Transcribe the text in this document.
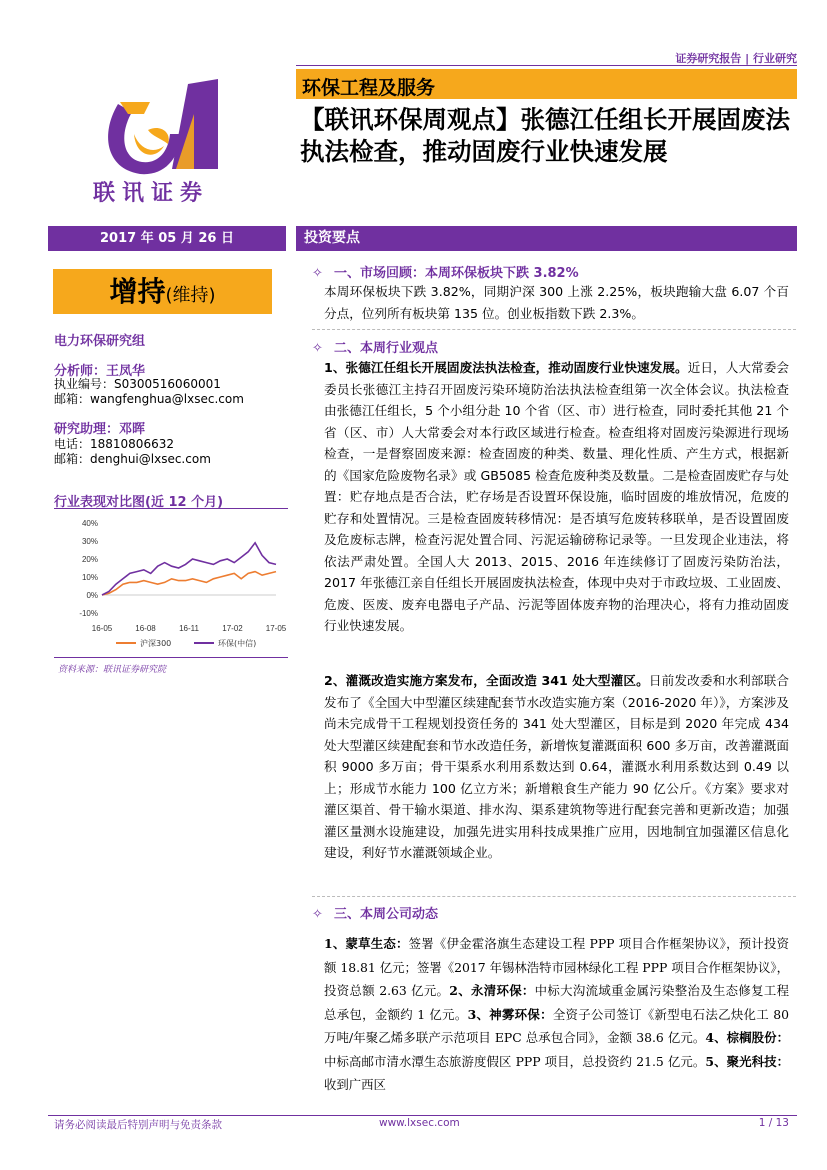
证券研究报告 | 行业研究
环保工程及服务
【联讯环保周观点】张德江任组长开展固废法执法检查，推动固废行业快速发展
联讯证券
2017 年 05 月 26 日	投资要点
增持(维持)
电力环保研究组
分析师：王凤华
执业编号：S0300516060001
邮箱：wangfenghua@lxsec.com
研究助理：邓晖
电话：18810806632
邮箱：denghui@lxsec.com
行业表现对比图(近 12 个月)
40%
30%
20%
10%
0%
-10%
16-05	16-08	16-11	17-02	17-05
沪深300	环保(中信)
资料来源：联讯证券研究院
✧ 一、市场回顾：本周环保板块下跌 3.82%
本周环保板块下跌 3.82%，同期沪深 300 上涨 2.25%，板块跑输大盘 6.07 个百分点，位列所有板块第 135 位。创业板指数下跌 2.3%。
✧ 二、本周行业观点
1、张德江任组长开展固废法执法检查，推动固废行业快速发展。近日，人大常委会委员长张德江主持召开固废污染环境防治法执法检查组第一次全体会议。执法检查由张德江任组长，5 个小组分赴 10 个省（区、市）进行检查，同时委托其他 21 个省（区、市）人大常委会对本行政区域进行检查。检查组将对固废污染源进行现场检查，一是督察固废来源：检查固废的种类、数量、理化性质、产生方式，根据新的《国家危险废物名录》或 GB5085 检查危废种类及数量。二是检查固废贮存与处置：贮存地点是否合法，贮存场是否设置环保设施，临时固废的堆放情况，危废的贮存和处置情况。三是检查固废转移情况：是否填写危废转移联单，是否设置固废及危废标志牌，检查污泥处置合同、污泥运输磅称记录等。一旦发现企业违法，将依法严肃处置。全国人大 2013、2015、2016 年连续修订了固废污染防治法，2017 年张德江亲自任组长开展固废执法检查，体现中央对于市政垃圾、工业固废、危废、医废、废弃电器电子产品、污泥等固体废弃物的治理决心，将有力推动固废行业快速发展。
2、灌溉改造实施方案发布，全面改造 341 处大型灌区。日前发改委和水利部联合发布了《全国大中型灌区续建配套节水改造实施方案（2016-2020 年）》，方案涉及尚未完成骨干工程规划投资任务的 341 处大型灌区，目标是到 2020 年完成 434 处大型灌区续建配套和节水改造任务，新增恢复灌溉面积 600 多万亩，改善灌溉面积 9000 多万亩；骨干渠系水利用系数达到 0.64，灌溉水利用系数达到 0.49 以上；形成节水能力 100 亿立方米；新增粮食生产能力 90 亿公斤。《方案》要求对灌区渠首、骨干输水渠道、排水沟、渠系建筑物等进行配套完善和更新改造；加强灌区量测水设施建设，加强先进实用科技成果推广应用，因地制宜加强灌区信息化建设，利好节水灌溉领域企业。
✧ 三、本周公司动态
1、蒙草生态：签署《伊金霍洛旗生态建设工程 PPP 项目合作框架协议》，预计投资额 18.81 亿元；签署《2017 年锡林浩特市园林绿化工程 PPP 项目合作框架协议》，投资总额 2.63 亿元。2、永清环保：中标大沟流域重金属污染整治及生态修复工程总承包，金额约 1 亿元。3、神雾环保：全资子公司签订《新型电石法乙炔化工 80 万吨/年聚乙烯多联产示范项目 EPC 总承包合同》，金额 38.6 亿元。4、棕榈股份：中标高邮市清水潭生态旅游度假区 PPP 项目，总投资约 21.5 亿元。5、聚光科技：收到广西区
请务必阅读最后特别声明与免责条款	www.lxsec.com	1 / 13
